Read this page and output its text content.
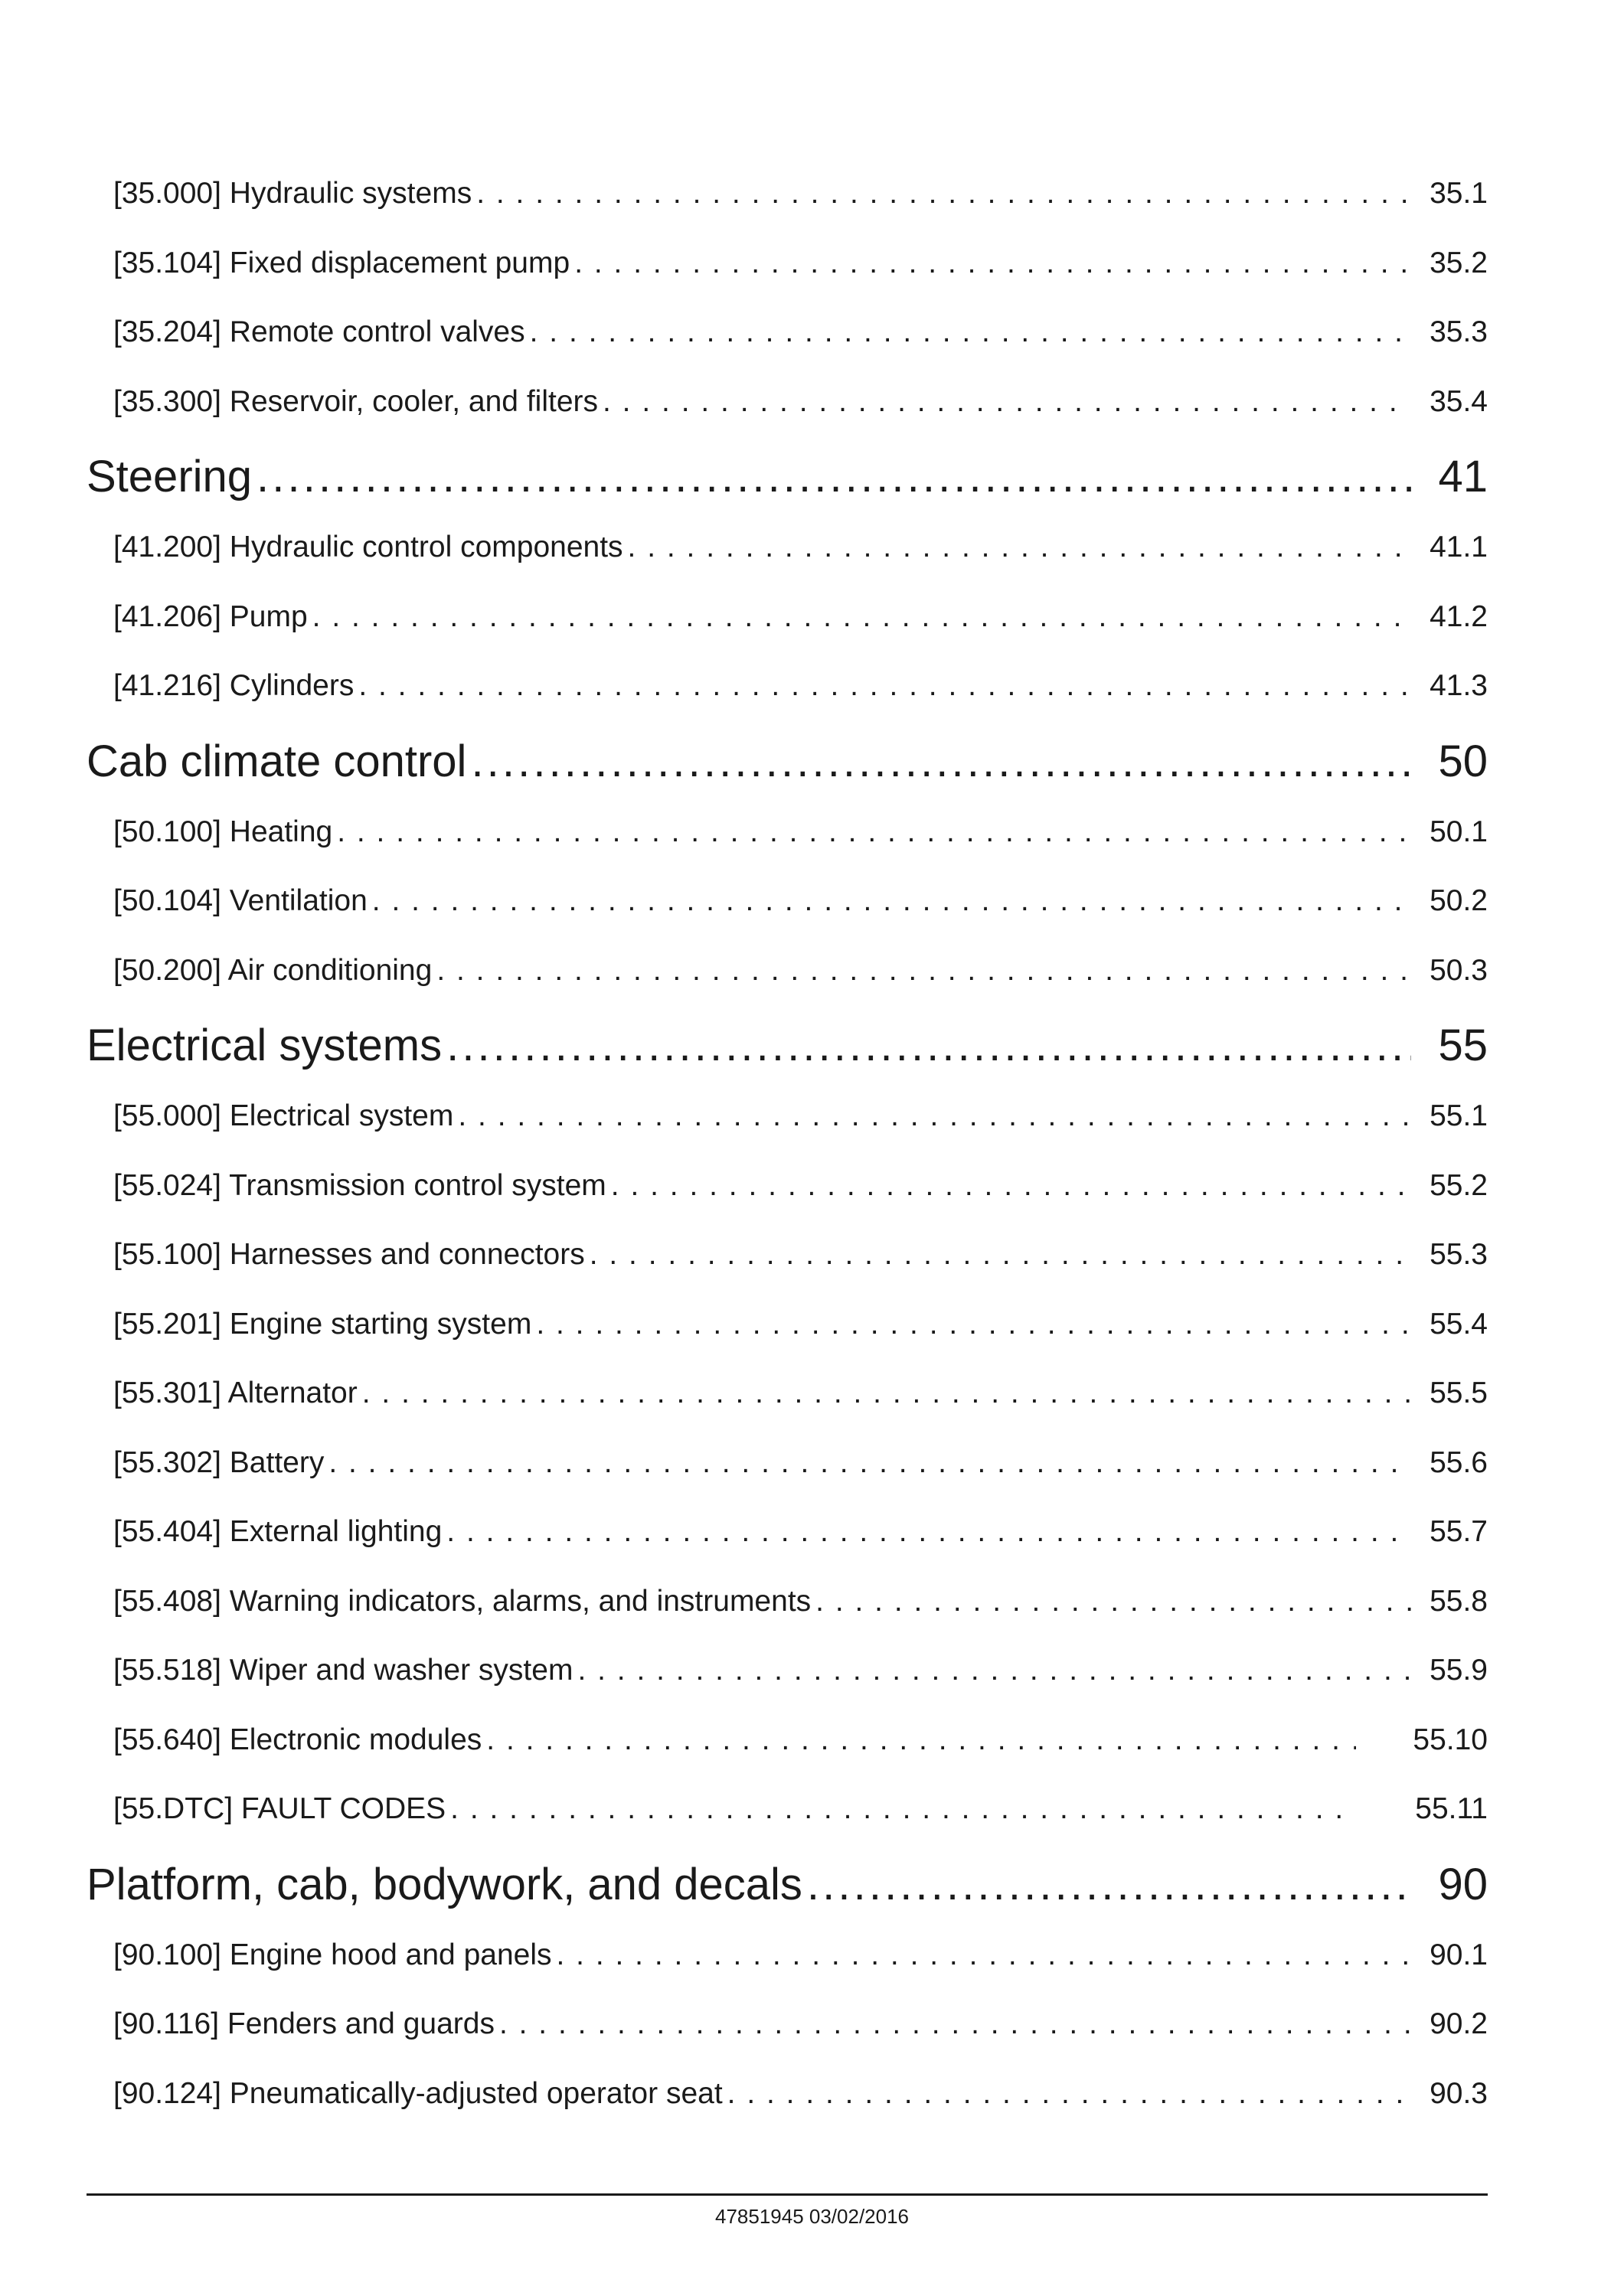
[35.000] Hydraulic systems . . .	35.1
[35.104] Fixed displacement pump . . .	35.2
[35.204] Remote control valves . . .	35.3
[35.300] Reservoir, cooler, and filters . . .	35.4
Steering . . .	41
[41.200] Hydraulic control components . . .	41.1
[41.206] Pump . . .	41.2
[41.216] Cylinders . . .	41.3
Cab climate control . . .	50
[50.100] Heating . . .	50.1
[50.104] Ventilation . . .	50.2
[50.200] Air conditioning . . .	50.3
Electrical systems . . .	55
[55.000] Electrical system . . .	55.1
[55.024] Transmission control system . . .	55.2
[55.100] Harnesses and connectors . . .	55.3
[55.201] Engine starting system . . .	55.4
[55.301] Alternator . . .	55.5
[55.302] Battery . . .	55.6
[55.404] External lighting . . .	55.7
[55.408] Warning indicators, alarms, and instruments . . .	55.8
[55.518] Wiper and washer system . . .	55.9
[55.640] Electronic modules . . .	55.10
[55.DTC] FAULT CODES . . .	55.11
Platform, cab, bodywork, and decals . . .	90
[90.100] Engine hood and panels . . .	90.1
[90.116] Fenders and guards . . .	90.2
[90.124] Pneumatically-adjusted operator seat . . .	90.3
47851945 03/02/2016
